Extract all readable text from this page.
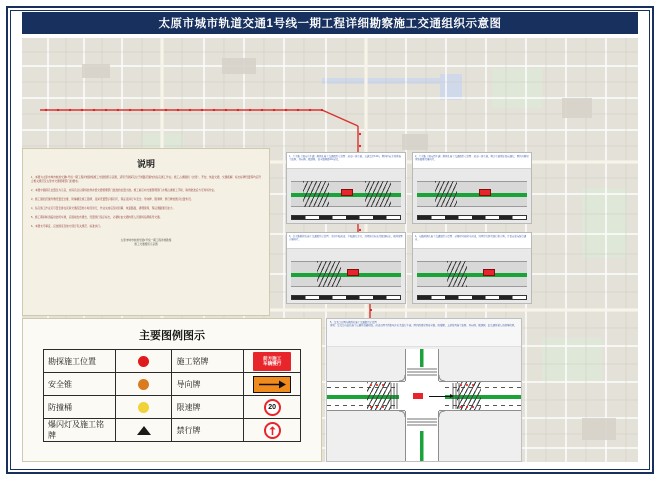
太原市城市轨道交通1号线一期工程详细勘察施工交通组织示意图
说明

1、本图为太原市城市轨道交通1号线一期工程详细勘察施工交通组织示意图，适用于勘探孔位于道路范围内的钻孔施工作业。施工占道围挡（封闭）、开挖、恢复交通、交通疏解、标志标牌设置等均应符合相关规范及太原市交通管理部门的要求。

2、本图中勘探孔位置仅为示意，实际孔位以现场放样并经交通管理部门批准的位置为准。施工前应向交通管理部门办理占道施工手续，取得批准后方可进场作业。

3、施工围挡范围外侧设置安全锥、防撞桶及施工铭牌，夜间设置警示爆闪灯，保证夜间行车安全；导向牌、限速牌、禁行牌按图示位置布设。

4、钻孔施工作业应尽量安排在夜间交通流量较小时段进行，作业完成后及时回填、恢复路面，清理现场，保证道路通行能力。

5、施工期间如需临时封闭车道，应提前发布通告，设置绕行指示标志，必要时由交通协管人员现场指挥疏导交通。

6、本图未尽事宜，应按国家及地方现行有关规范、标准执行。

太原市城市轨道交通1号线一期工程详细勘察
施工交通组织示意图
1、主干路（双向六车道）勘探孔施工交通组织示意图：封闭一条车道，占道宽度3.0m，围挡区前方设置施工铭牌、导向牌、限速牌，安全锥间距2m布设。
2、主干路（双向四车道）勘探孔施工交通组织示意图：封闭一条车道，剩余车道保证双向通行，围挡外侧设置防撞桶及爆闪灯。
3、次干路勘探孔施工交通组织示意图：采用半幅封闭、半幅通行方式，设置绕行标志及限速标志，夜间设警示爆闪灯。
4、支路勘探孔施工交通组织示意图：必要时可临时全封闭，设置禁行牌及绕行指示牌，并提前发布绕行通告。
主要图例图示
勘探施工位置		施工铭牌	前方施工
车辆慢行

安全锥		导向牌	

防撞桶		限速牌	20

爆闪灯及施工铭牌		禁行牌	
5、交叉口范围内勘探孔施工交通组织示意图
说明：交叉口内钻孔施工应避开高峰时段，封闭范围不得影响左转及直行车流；围挡四周设置安全锥、防撞桶，上游设置施工铭牌、导向牌、限速牌，由交通协管人员现场指挥。
